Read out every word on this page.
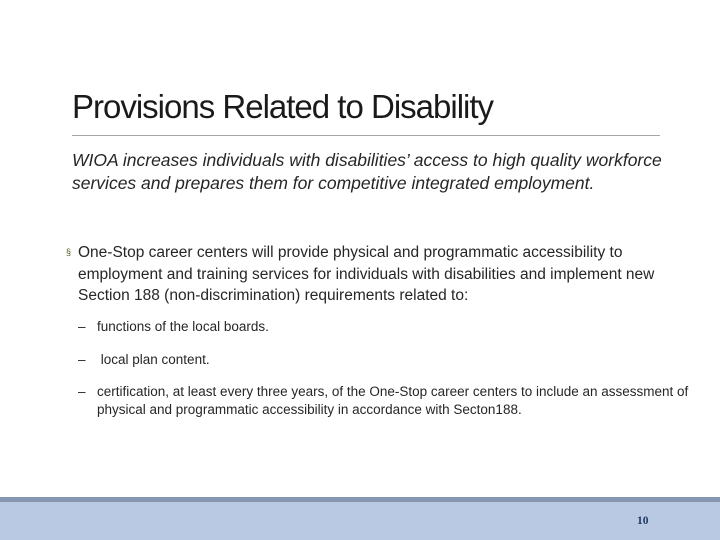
Provisions Related to Disability

WIOA increases individuals with disabilities’ access to high quality workforce services and prepares them for competitive integrated employment.

§ One-Stop career centers will provide physical and programmatic accessibility to employment and training services for individuals with disabilities and implement new Section 188 (non-discrimination) requirements related to:

– functions of the local boards.
– local plan content.
– certification, at least every three years, of the One-Stop career centers to include an assessment of physical and programmatic accessibility in accordance with Secton188.
10
